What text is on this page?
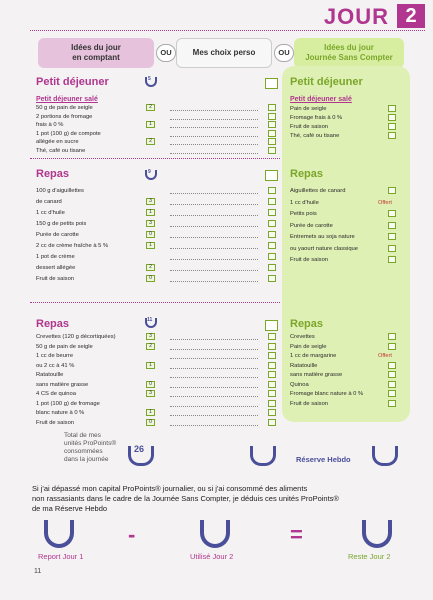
JOUR 2
Idées du jour
en comptant
OU	Mes choix perso	OU
Idées du jour
Journée Sans Compter
Petit déjeuner	5
Petit déjeuner salé
50 g de pain de seigle	2
2 portions de fromage
frais à 0 %	1
1 pot (100 g) de compote
allégée en sucre	2
Thé, café ou tisane
Repas	9
100 g d'aiguillettes
de canard	3
1 cc d'huile	1
150 g de petits pois	3
Purée de carotte	0
2 cc de crème fraîche à 5 %	1
1 pot de crème
dessert allégée	2
Fruit de saison	0
Repas	11
Crevettes (120 g décortiquées)	3
50 g de pain de seigle	2
1 cc de beurre
ou 2 cc à 41 %	1
Ratatouille
sans matière grasse	0
4 CS de quinoa	3
1 pot (100 g) de fromage
blanc nature à 0 %	1
Fruit de saison	0
Total de mes
unités ProPoints®
consommées
dans la journée
26
Petit déjeuner
Petit déjeuner salé
Pain de seigle
Fromage frais à 0 %
Fruit de saison
Thé, café ou tisane
Repas
Aiguillettes de canard
1 cc d'huile	Offert
Petits pois
Purée de carotte
Entremets au soja nature
ou yaourt nature classique
Fruit de saison
Repas
Crevettes
Pain de seigle
1 cc de margarine	Offert
Ratatouille
sans matière grasse
Quinoa
Fromage blanc nature à 0 %
Fruit de saison
Réserve Hebdo
Si j'ai dépassé mon capital ProPoints® journalier, ou si j'ai consommé des aliments
non rassasiants dans le cadre de la Journée Sans Compter, je déduis ces unités ProPoints®
de ma Réserve Hebdo
-	=
Report Jour 1	Utilisé Jour 2	Reste Jour 2
11
